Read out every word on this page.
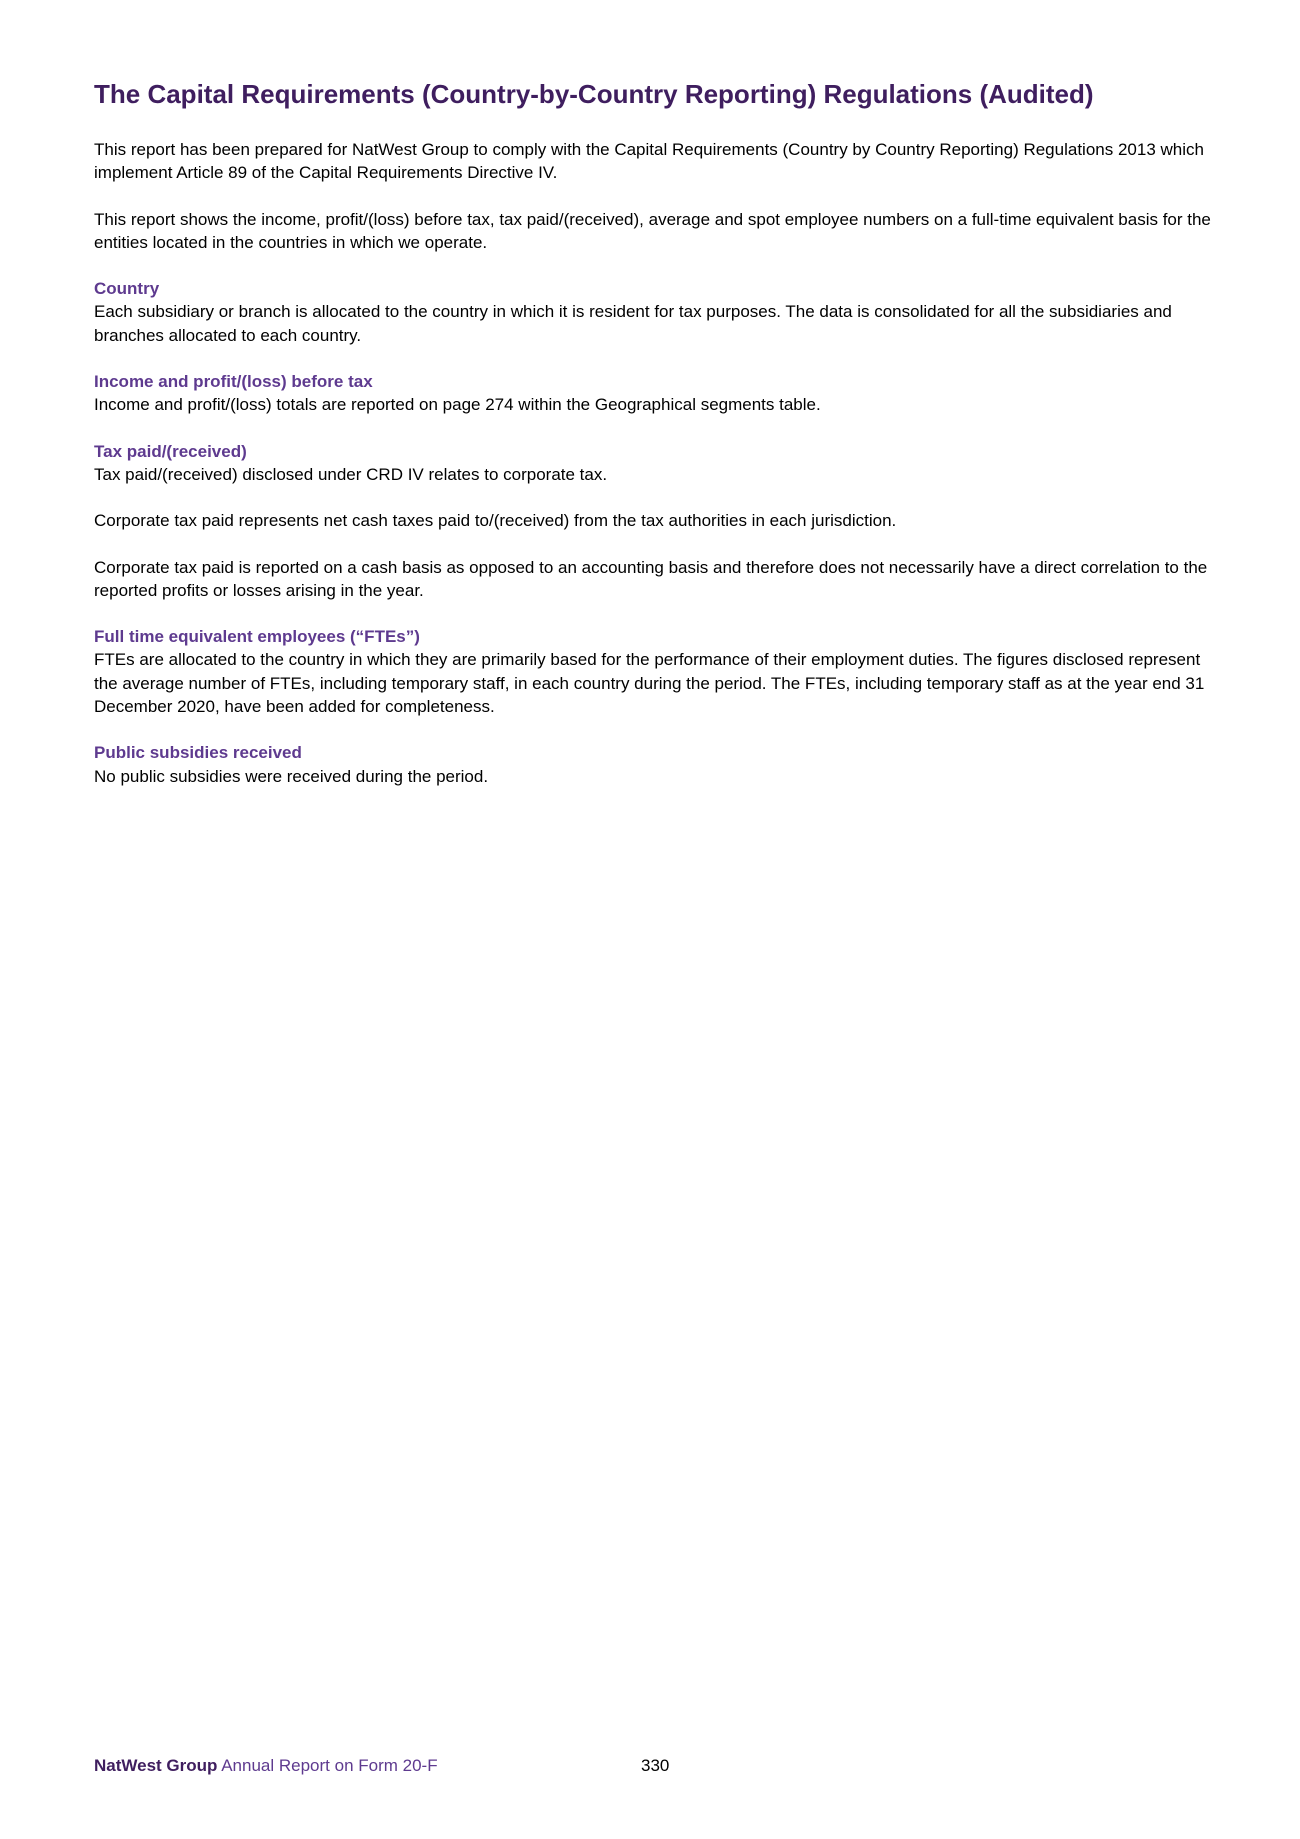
The Capital Requirements (Country-by-Country Reporting) Regulations (Audited)

This report has been prepared for NatWest Group to comply with the Capital Requirements (Country by Country Reporting) Regulations 2013 which implement Article 89 of the Capital Requirements Directive IV.

This report shows the income, profit/(loss) before tax, tax paid/(received), average and spot employee numbers on a full-time equivalent basis for the entities located in the countries in which we operate.

Country

Each subsidiary or branch is allocated to the country in which it is resident for tax purposes. The data is consolidated for all the subsidiaries and branches allocated to each country.

Income and profit/(loss) before tax

Income and profit/(loss) totals are reported on page 274 within the Geographical segments table.

Tax paid/(received)

Tax paid/(received) disclosed under CRD IV relates to corporate tax.

Corporate tax paid represents net cash taxes paid to/(received) from the tax authorities in each jurisdiction.

Corporate tax paid is reported on a cash basis as opposed to an accounting basis and therefore does not necessarily have a direct correlation to the reported profits or losses arising in the year.

Full time equivalent employees (“FTEs”)

FTEs are allocated to the country in which they are primarily based for the performance of their employment duties. The figures disclosed represent the average number of FTEs, including temporary staff, in each country during the period. The FTEs, including temporary staff as at the year end 31 December 2020, have been added for completeness.

Public subsidies received

No public subsidies were received during the period.

NatWest Group Annual Report on Form 20-F	330
